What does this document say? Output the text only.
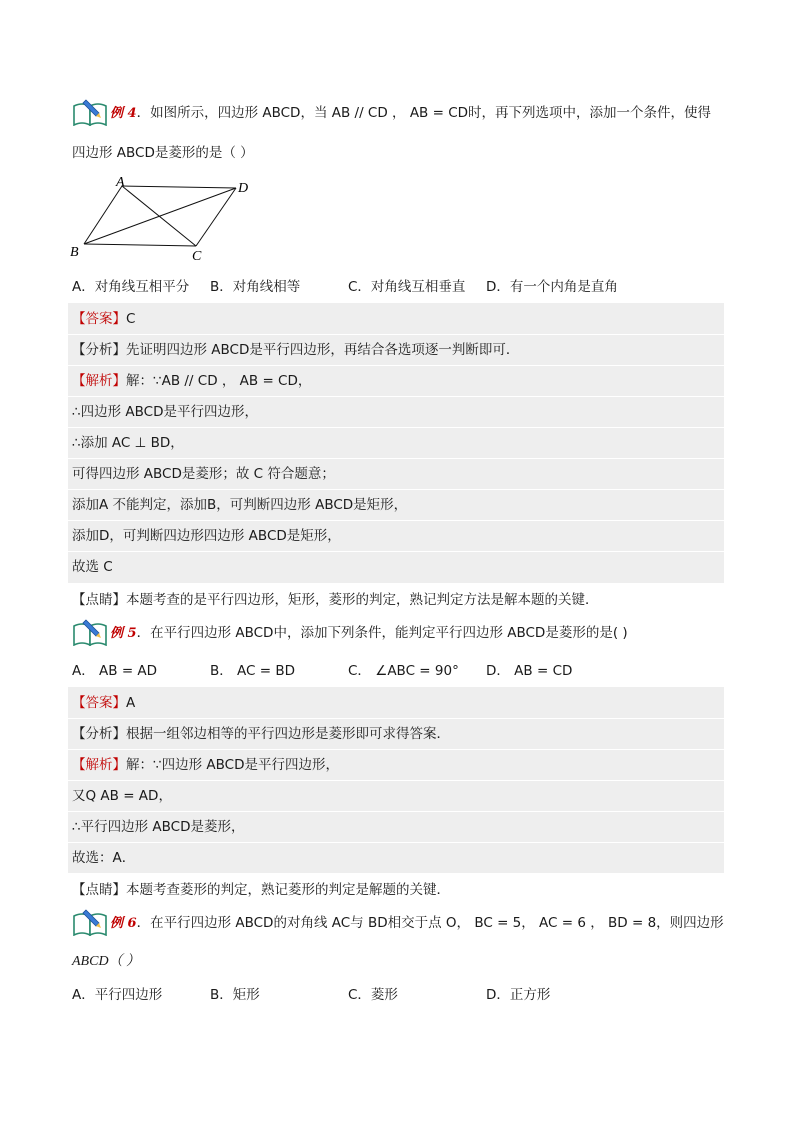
例 4．如图所示，四边形 ABCD，当 AB // CD ， AB = CD时，再下列选项中，添加一个条件，使得
四边形 ABCD是菱形的是（ ）
A	D
B	C
A．对角线互相平分 B．对角线相等	C．对角线互相垂直 D．有一个内角是直角
【答案】C
【分析】先证明四边形 ABCD是平行四边形，再结合各选项逐一判断即可．
【解析】解：∵AB // CD ， AB = CD，
∴四边形 ABCD是平行四边形，
∴添加 AC ⊥ BD，
可得四边形 ABCD是菱形；故 C 符合题意；
添加A 不能判定，添加B，可判断四边形 ABCD是矩形，
添加D，可判断四边形四边形 ABCD是矩形，
故选 C
【点睛】本题考查的是平行四边形，矩形，菱形的判定，熟记判定方法是解本题的关键．
例 5．在平行四边形 ABCD中，添加下列条件，能判定平行四边形 ABCD是菱形的是( )
A． AB = AD	B． AC = BD	C． ∠ABC = 90° D． AB = CD
【答案】A
【分析】根据一组邻边相等的平行四边形是菱形即可求得答案．
【解析】解：∵四边形 ABCD是平行四边形，
又Q AB = AD，
∴平行四边形 ABCD是菱形，
故选：A．
【点睛】本题考查菱形的判定，熟记菱形的判定是解题的关键．
例 6．在平行四边形 ABCD的对角线 AC与 BD相交于点 O， BC = 5， AC = 6 ， BD = 8，则四边形
ABCD（ ）
A．平行四边形	B．矩形	C．菱形	D．正方形
